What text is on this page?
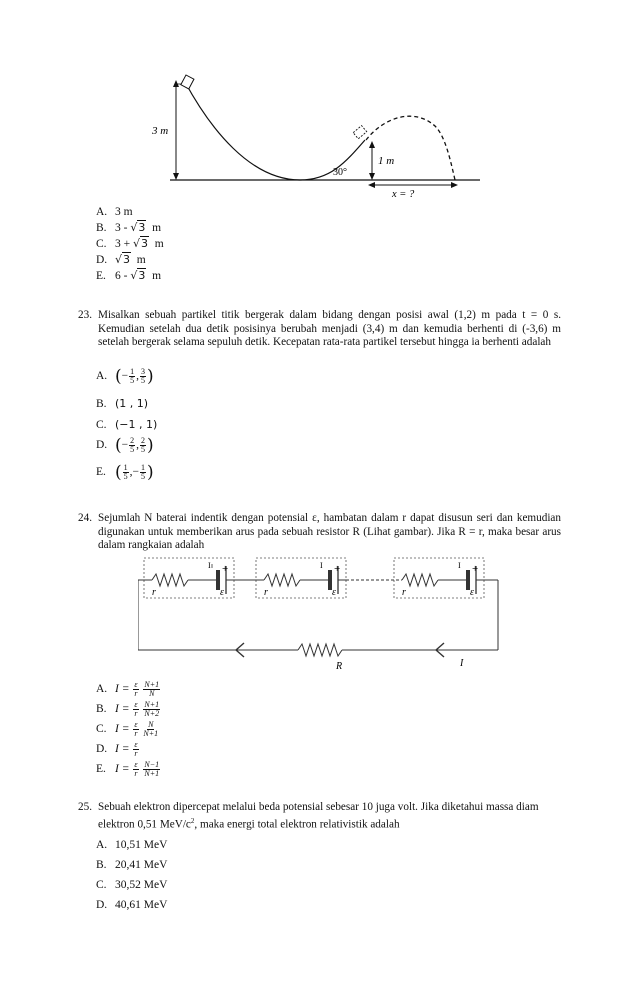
3 m
1 m
30°
x = ?
A. 3 m
B. 3 - √3 m
C. 3 + √3 m
D. √3 m
E. 6 - √3 m
23. Misalkan sebuah partikel titik bergerak dalam bidang dengan posisi awal (1,2) m pada t = 0 s. Kemudian setelah dua detik posisinya berubah menjadi (3,4) m dan kemudia berhenti di (-3,6) m setelah bergerak selama sepuluh detik. Kecepatan rata-rata partikel tersebut hingga ia berhenti adalah
A. (− $\frac{1}{5}$ , $\frac{3}{5}$ )
B. (1 , 1)
C. (−1 , 1)
D. (− $\frac{2}{5}$ , $\frac{2}{5}$ )
E. ( $\frac{1}{5}$ ,− $\frac{1}{5}$ )
24. Sejumlah N baterai indentik dengan potensial ε, hambatan dalam r dapat disusun seri dan kemudian digunakan untuk memberikan arus pada sebuah resistor R (Lihat gambar). Jika R = r, maka besar arus dalam rangkaian adalah
r	ε
I +
r	ε
I +
r	ε
I +
R	I
A. $I = \frac{\varepsilon}{r}$
$\frac{N+1}{N}$
B. $I = \frac{\varepsilon}{r}$
$\frac{N+1}{N+2}$
C. $I = \frac{\varepsilon}{r}$
$\frac{N}{N+1}$
D. $I = \frac{\varepsilon}{r}$
E. $I = \frac{\varepsilon}{r}$
$\frac{N-1}{N+1}$
25. Sebuah elektron dipercepat melalui beda potensial sebesar 10 juga volt. Jika diketahui massa diam
elektron 0,51 MeV/$c^2$, maka energi total elektron relativistik adalah
A. 10,51 MeV
B. 20,41 MeV
C. 30,52 MeV
D. 40,61 MeV
